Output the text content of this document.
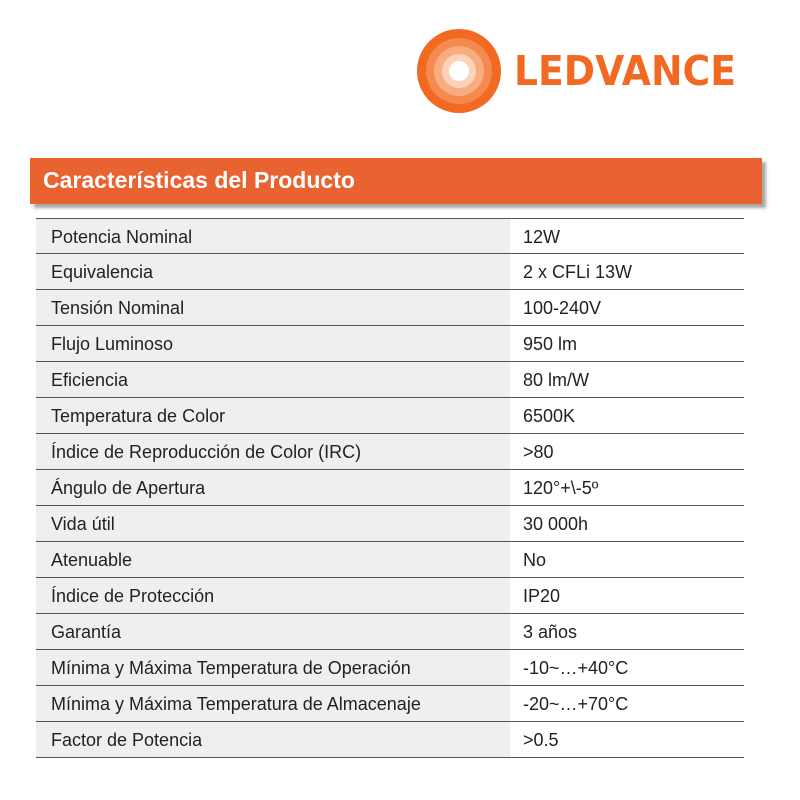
LEDVANCE
Características del Producto
Potencia Nominal	12W
Equivalencia	2 x CFLi 13W
Tensión Nominal	100-240V
Flujo Luminoso	950 lm
Eficiencia	80 lm/W
Temperatura de Color	6500K
Índice de Reproducción de Color (IRC)	>80
Ángulo de Apertura	120°+\-5º
Vida útil	30 000h
Atenuable	No
Índice de Protección	IP20
Garantía	3 años
Mínima y Máxima Temperatura de Operación	-10~…+40°C
Mínima y Máxima Temperatura de Almacenaje	-20~…+70°C
Factor de Potencia	>0.5
